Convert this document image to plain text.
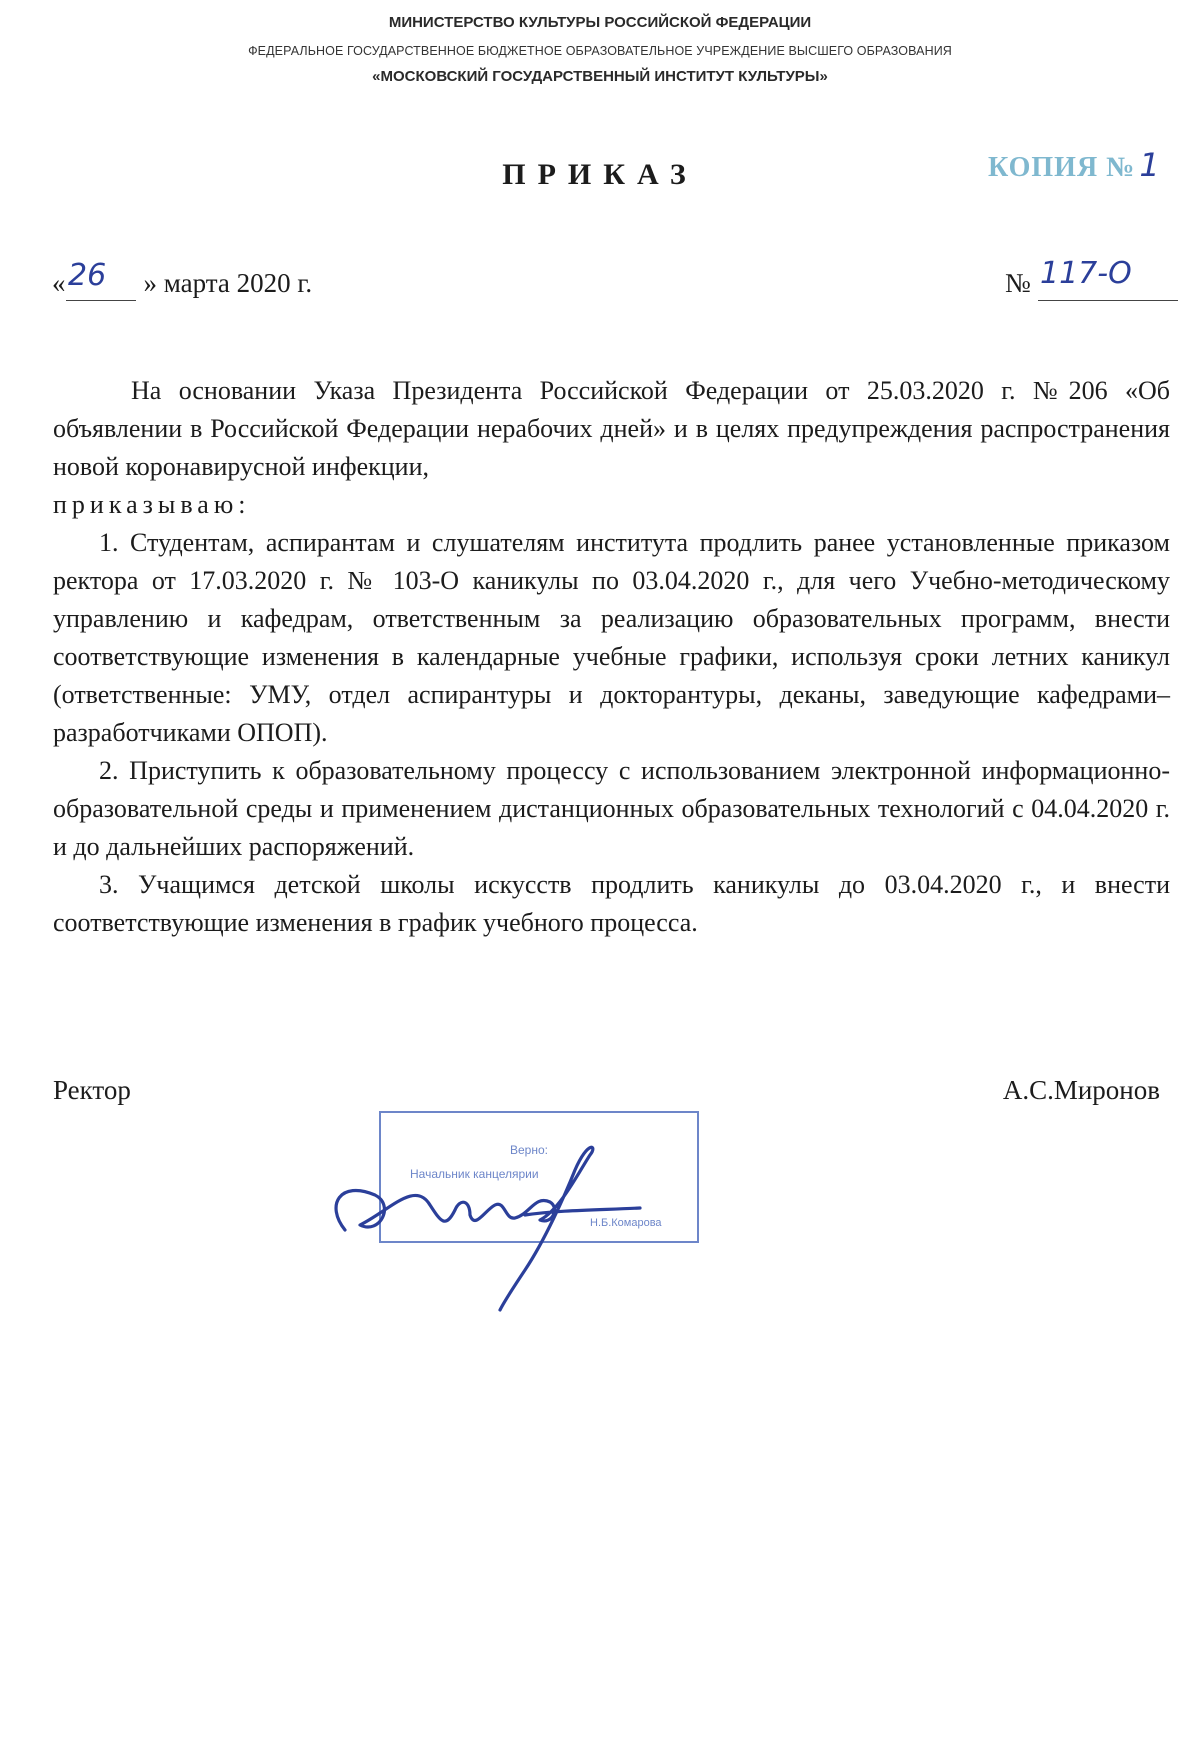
МИНИСТЕРСТВО КУЛЬТУРЫ РОССИЙСКОЙ ФЕДЕРАЦИИ
ФЕДЕРАЛЬНОЕ ГОСУДАРСТВЕННОЕ БЮДЖЕТНОЕ ОБРАЗОВАТЕЛЬНОЕ УЧРЕЖДЕНИЕ ВЫСШЕГО ОБРАЗОВАНИЯ
«МОСКОВСКИЙ ГОСУДАРСТВЕННЫЙ ИНСТИТУТ КУЛЬТУРЫ»
ПРИКАЗ	КОПИЯ № 1
«	» марта 2020 г.
26	№ 117-О

На основании Указа Президента Российской Федерации от 25.03.2020 г. №206 «Об объявлении в Российской Федерации нерабочих дней» и в целях предупреждения распространения новой коронавирусной инфекции,

приказываю:

1. Студентам, аспирантам и слушателям института продлить ранее установленные приказом ректора от 17.03.2020 г. № 103-О каникулы по 03.04.2020 г., для чего Учебно-методическому управлению и кафедрам, ответственным за реализацию образовательных программ, внести соответствующие изменения в календарные учебные графики, используя сроки летних каникул (ответственные: УМУ, отдел аспирантуры и докторантуры, деканы, заведующие кафедрами–разработчиками ОПОП).

2. Приступить к образовательному процессу с использованием электронной информационно-образовательной среды и применением дистанционных образовательных технологий с 04.04.2020 г. и до дальнейших распоряжений.

3. Учащимся детской школы искусств продлить каникулы до 03.04.2020 г., и внести соответствующие изменения в график учебного процесса.

Ректор	А.С.Миронов
Верно:
Начальник канцелярии
Н.Б.Комарова
